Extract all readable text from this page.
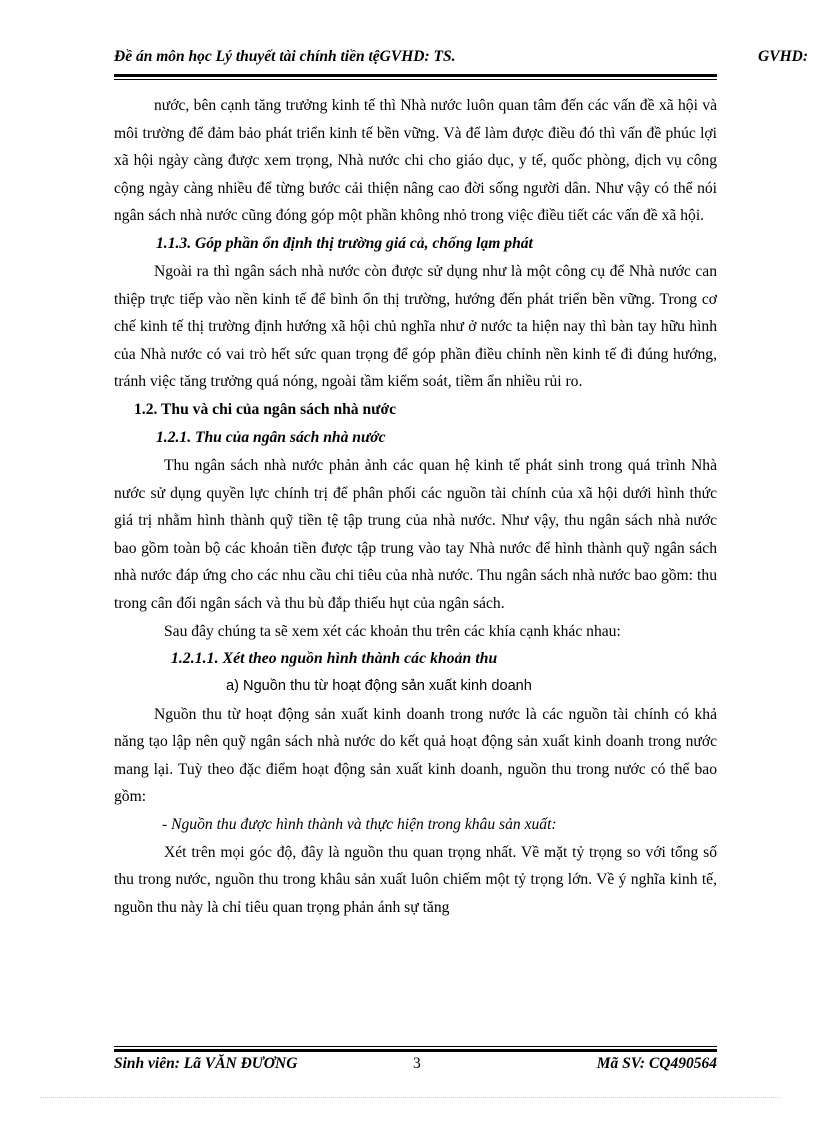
Đề án môn học Lý thuyết tài chính tiền tệGVHD: TS.	GVHD:

nước, bên cạnh tăng trưởng kinh tế thì Nhà nước luôn quan tâm đến các vấn đề xã hội và môi trường để đảm bảo phát triển kinh tế bền vững. Và để làm được điều đó thì vấn đề phúc lợi xã hội ngày càng được xem trọng, Nhà nước chi cho giáo dục, y tế, quốc phòng, dịch vụ công cộng ngày càng nhiều để từng bước cải thiện nâng cao đời sống người dân. Như vậy có thể nói ngân sách nhà nước cũng đóng góp một phần không nhỏ trong việc điều tiết các vấn đề xã hội.

1.1.3. Góp phần ổn định thị trường giá cả, chống lạm phát

Ngoài ra thì ngân sách nhà nước còn được sử dụng như là một công cụ để Nhà nước can thiệp trực tiếp vào nền kinh tế để bình ổn thị trường, hướng đến phát triển bền vững. Trong cơ chế kinh tế thị trường định hướng xã hội chủ nghĩa như ở nước ta hiện nay thì bàn tay hữu hình của Nhà nước có vai trò hết sức quan trọng để góp phần điều chỉnh nền kinh tế đi đúng hướng, tránh việc tăng trưởng quá nóng, ngoài tầm kiểm soát, tiềm ẩn nhiều rủi ro.

1.2. Thu và chi của ngân sách nhà nước

1.2.1. Thu của ngân sách nhà nước

Thu ngân sách nhà nước phản ảnh các quan hệ kinh tế phát sinh trong quá trình Nhà nước sử dụng quyền lực chính trị để phân phối các nguồn tài chính của xã hội dưới hình thức giá trị nhằm hình thành quỹ tiền tệ tập trung của nhà nước. Như vậy, thu ngân sách nhà nước bao gồm toàn bộ các khoản tiền được tập trung vào tay Nhà nước để hình thành quỹ ngân sách nhà nước đáp ứng cho các nhu cầu chi tiêu của nhà nước. Thu ngân sách nhà nước bao gồm: thu trong cân đối ngân sách và thu bù đắp thiếu hụt của ngân sách.

Sau đây chúng ta sẽ xem xét các khoản thu trên các khía cạnh khác nhau:

1.2.1.1. Xét theo nguồn hình thành các khoản thu

a) Nguồn thu từ hoạt động sản xuất kinh doanh

Nguồn thu từ hoạt động sản xuất kinh doanh trong nước là các nguồn tài chính có khả năng tạo lập nên quỹ ngân sách nhà nước do kết quả hoạt động sản xuất kinh doanh trong nước mang lại. Tuỳ theo đặc điểm hoạt động sản xuất kinh doanh, nguồn thu trong nước có thể bao gồm:

- Nguồn thu được hình thành và thực hiện trong khâu sản xuất:

Xét trên mọi góc độ, đây là nguồn thu quan trọng nhất. Về mặt tỷ trọng so với tổng số thu trong nước, nguồn thu trong khâu sản xuất luôn chiếm một tỷ trọng lớn. Về ý nghĩa kinh tế, nguồn thu này là chỉ tiêu quan trọng phản ánh sự tăng

Sinh viên: Lã VĂN ĐƯƠNG	3	Mã SV: CQ490564
